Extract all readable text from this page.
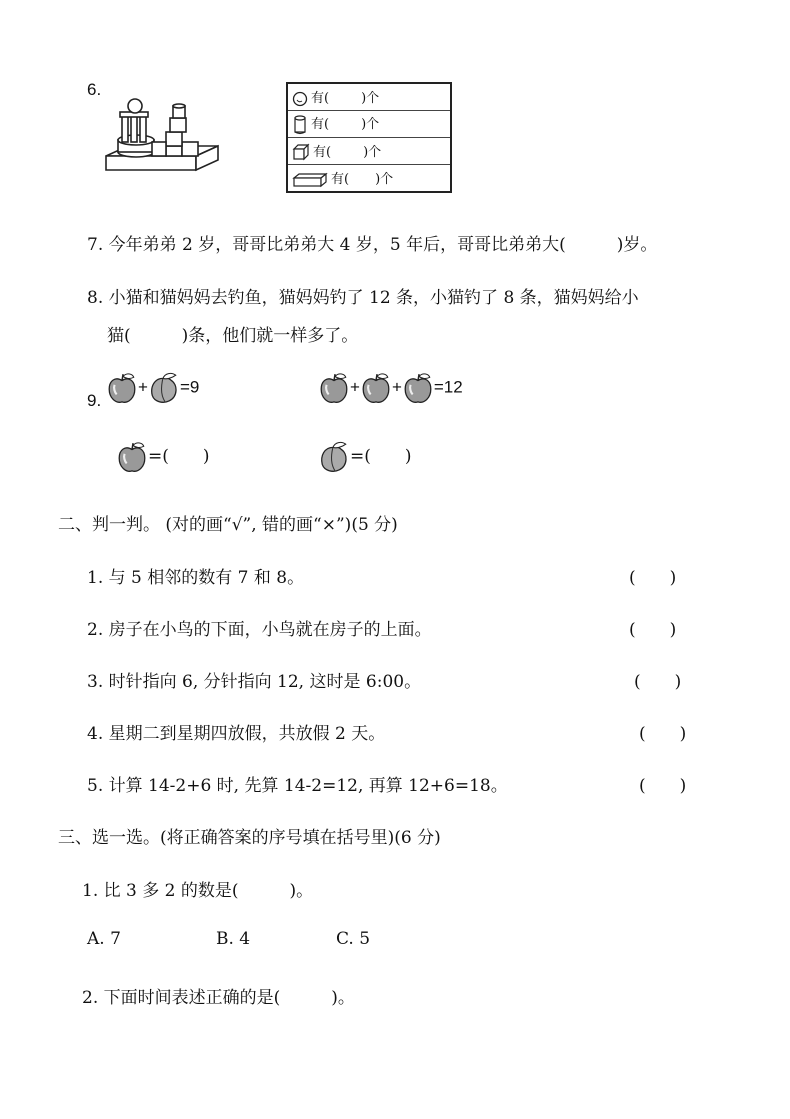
6.	有( )个
有( )个
有( )个
有( )个
7. 今年弟弟 2 岁，哥哥比弟弟大 4 岁，5 年后，哥哥比弟弟大(　　　)岁。
8. 小猫和猫妈妈去钓鱼，猫妈妈钓了 12 条，小猫钓了 8 条，猫妈妈给小
猫(　　　)条，他们就一样多了。
9.
+ =9	+ + =12
=(　　)	=(　　)
二、判一判。 (对的画“√”, 错的画“×”)(5 分)
1. 与 5 相邻的数有 7 和 8。	(　　)
2. 房子在小鸟的下面，小鸟就在房子的上面。	(　　)
3. 时针指向 6, 分针指向 12, 这时是 6:00。	(　　)
4. 星期二到星期四放假，共放假 2 天。	(　　)
5. 计算 14-2+6 时, 先算 14-2=12, 再算 12+6=18。	(　　)
三、选一选。(将正确答案的序号填在括号里)(6 分)
1. 比 3 多 2 的数是(　　　)。
A. 7	B. 4	C. 5
2. 下面时间表述正确的是(　　　)。
